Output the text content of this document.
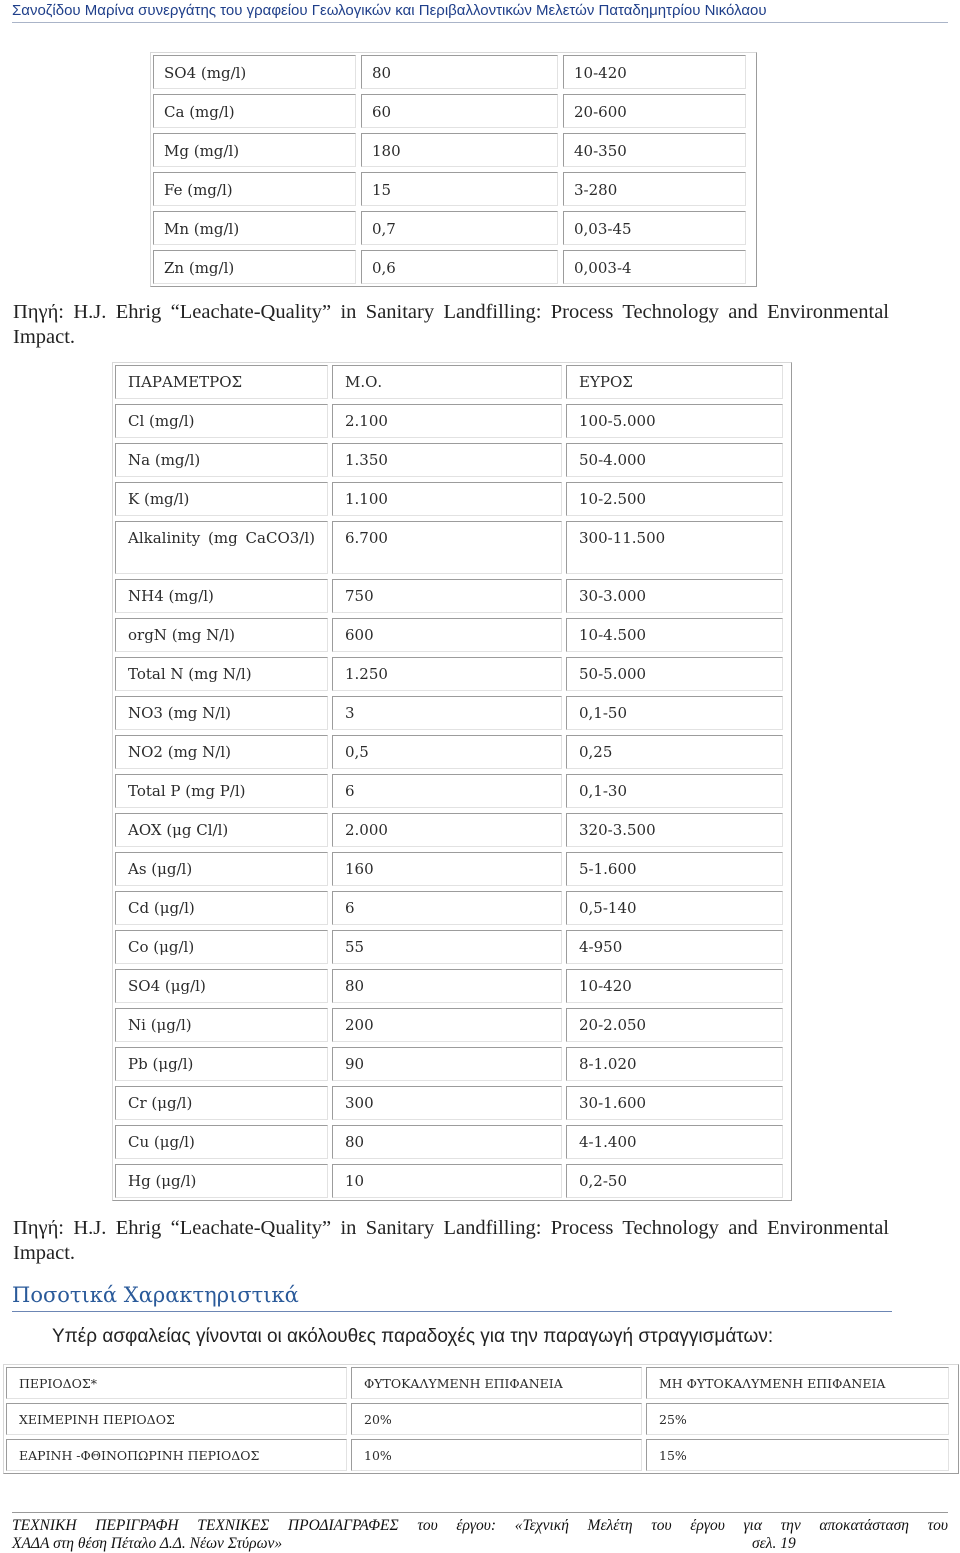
Σανοζίδου Μαρίνα συνεργάτης του γραφείου Γεωλογικών και Περιβαλλοντικών Μελετών Παταδημητρίου Νικόλαου
SO4 (mg/l)	80	10-420
Ca (mg/l)	60	20-600
Mg (mg/l)	180	40-350
Fe (mg/l)	15	3-280
Mn (mg/l)	0,7	0,03-45
Zn (mg/l)	0,6	0,003-4
Πηγή: H.J. Ehrig “Leachate-Quality” in Sanitary Landfilling: Process Technology and Environmental Impact.
ΠΑΡΑΜΕΤΡΟΣ	Μ.Ο.	ΕΥΡΟΣ
Cl (mg/l)	2.100	100-5.000
Na (mg/l)	1.350	50-4.000
K (mg/l)	1.100	10-2.500
Alkalinity (mg CaCO3/l)	6.700	300-11.500
NH4 (mg/l)	750	30-3.000
orgN (mg N/l)	600	10-4.500
Total N (mg N/l)	1.250	50-5.000
NO3 (mg N/l)	3	0,1-50
NO2 (mg N/l)	0,5	0,25
Total P (mg P/l)	6	0,1-30
AOX (μg Cl/l)	2.000	320-3.500
As (μg/l)	160	5-1.600
Cd (μg/l)	6	0,5-140
Co (μg/l)	55	4-950
SO4 (μg/l)	80	10-420
Ni (μg/l)	200	20-2.050
Pb (μg/l)	90	8-1.020
Cr (μg/l)	300	30-1.600
Cu (μg/l)	80	4-1.400
Hg (μg/l)	10	0,2-50
Πηγή: H.J. Ehrig “Leachate-Quality” in Sanitary Landfilling: Process Technology and Environmental Impact.
Ποσοτικά Χαρακτηριστικά
Υπέρ ασφαλείας γίνονται οι ακόλουθες παραδοχές για την παραγωγή στραγγισμάτων:
ΠΕΡΙΟΔΟΣ*	ΦΥΤΟΚΑΛΥΜΕΝΗ ΕΠΙΦΑΝΕΙΑ	ΜΗ ΦΥΤΟΚΑΛΥΜΕΝΗ ΕΠΙΦΑΝΕΙΑ
ΧΕΙΜΕΡΙΝΗ ΠΕΡΙΟΔΟΣ	20%	25%
ΕΑΡΙΝΗ -ΦΘΙΝΟΠΩΡΙΝΗ ΠΕΡΙΟΔΟΣ	10%	15%
ΤΕΧΝΙΚΗ ΠΕΡΙΓΡΑΦΗ ΤΕΧΝΙΚΕΣ ΠΡΟΔΙΑΓΡΑΦΕΣ του έργου: «Τεχνική Μελέτη του έργου για την αποκατάσταση του
ΧΑΔΑ στη θέση Πέταλο Δ.Δ. Νέων Στύρων»	σελ. 19
